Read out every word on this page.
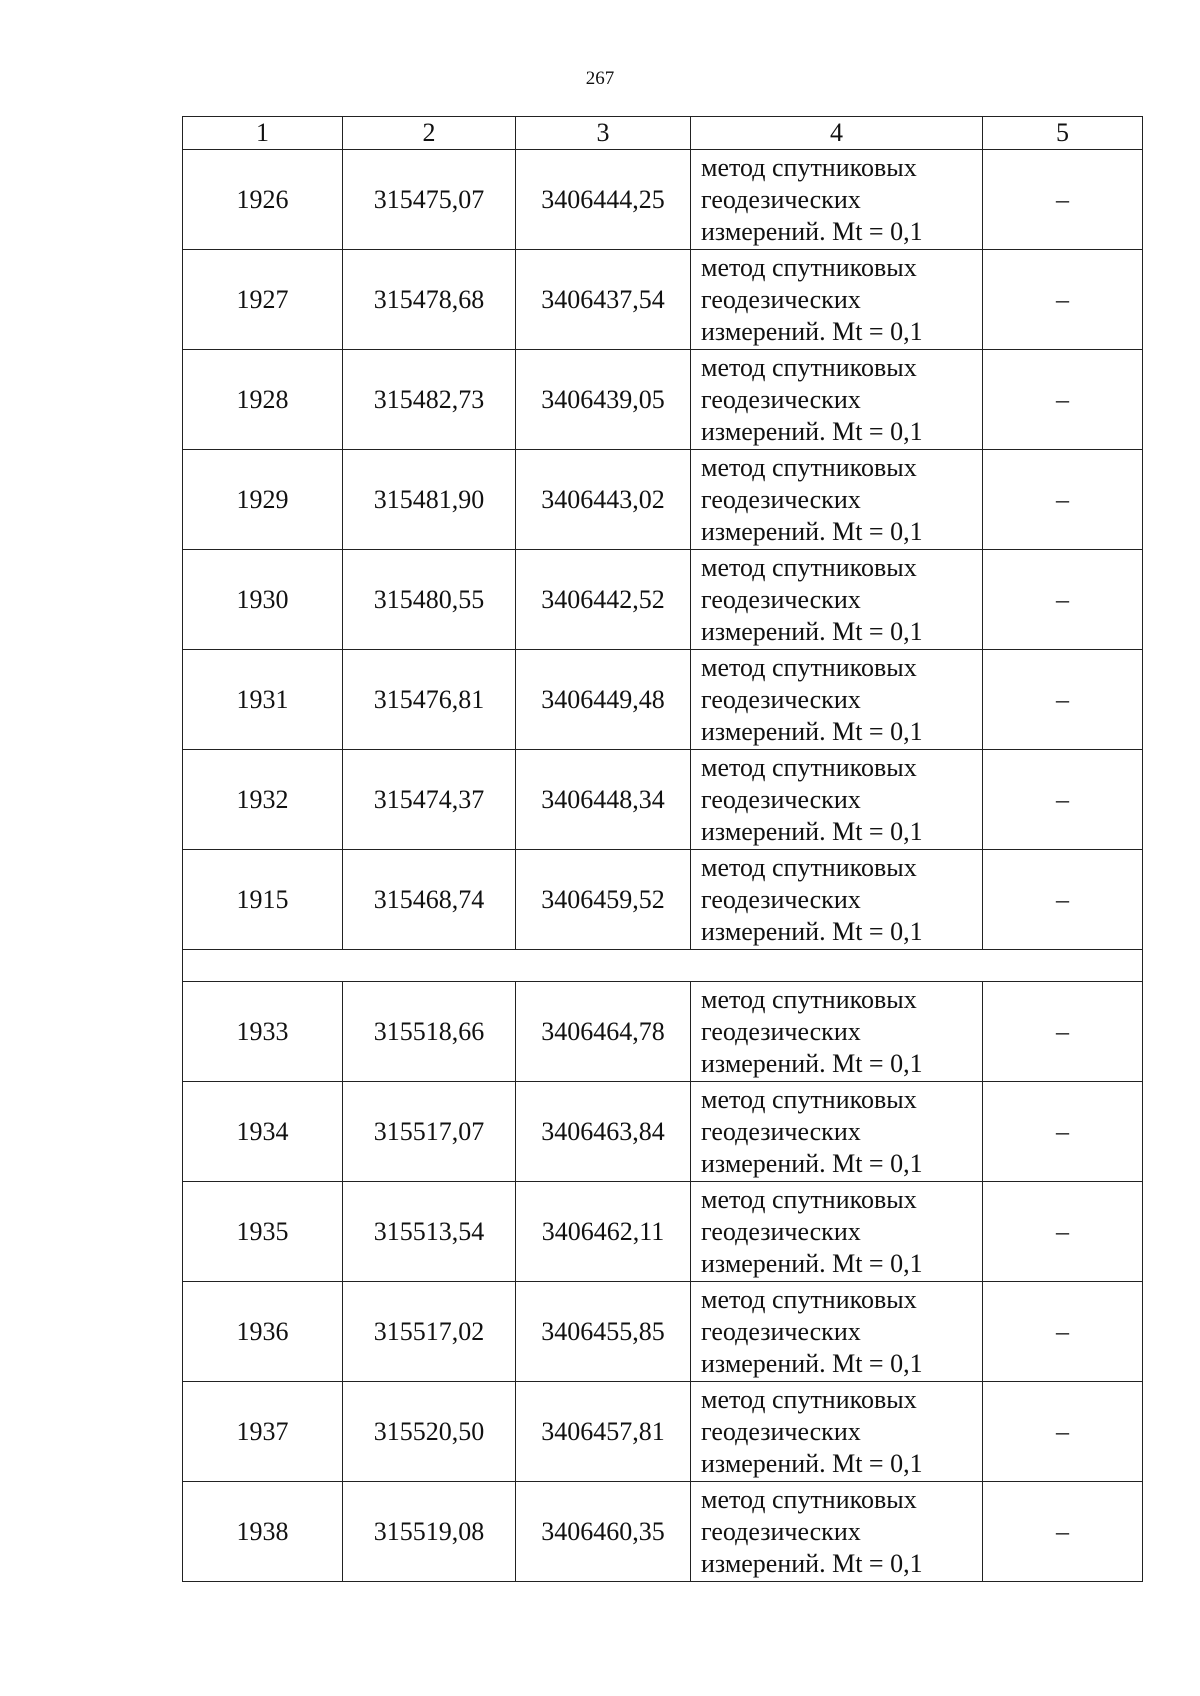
267
1	2	3	4	5
1926	315475,07	3406444,25	метод спутниковых
геодезических
измерений. Mt = 0,1	–
1927	315478,68	3406437,54	метод спутниковых
геодезических
измерений. Mt = 0,1	–
1928	315482,73	3406439,05	метод спутниковых
геодезических
измерений. Mt = 0,1	–
1929	315481,90	3406443,02	метод спутниковых
геодезических
измерений. Mt = 0,1	–
1930	315480,55	3406442,52	метод спутниковых
геодезических
измерений. Mt = 0,1	–
1931	315476,81	3406449,48	метод спутниковых
геодезических
измерений. Mt = 0,1	–
1932	315474,37	3406448,34	метод спутниковых
геодезических
измерений. Mt = 0,1	–
1915	315468,74	3406459,52	метод спутниковых
геодезических
измерений. Mt = 0,1	–

1933	315518,66	3406464,78	метод спутниковых
геодезических
измерений. Mt = 0,1	–
1934	315517,07	3406463,84	метод спутниковых
геодезических
измерений. Mt = 0,1	–
1935	315513,54	3406462,11	метод спутниковых
геодезических
измерений. Mt = 0,1	–
1936	315517,02	3406455,85	метод спутниковых
геодезических
измерений. Mt = 0,1	–
1937	315520,50	3406457,81	метод спутниковых
геодезических
измерений. Mt = 0,1	–
1938	315519,08	3406460,35	метод спутниковых
геодезических
измерений. Mt = 0,1	–
